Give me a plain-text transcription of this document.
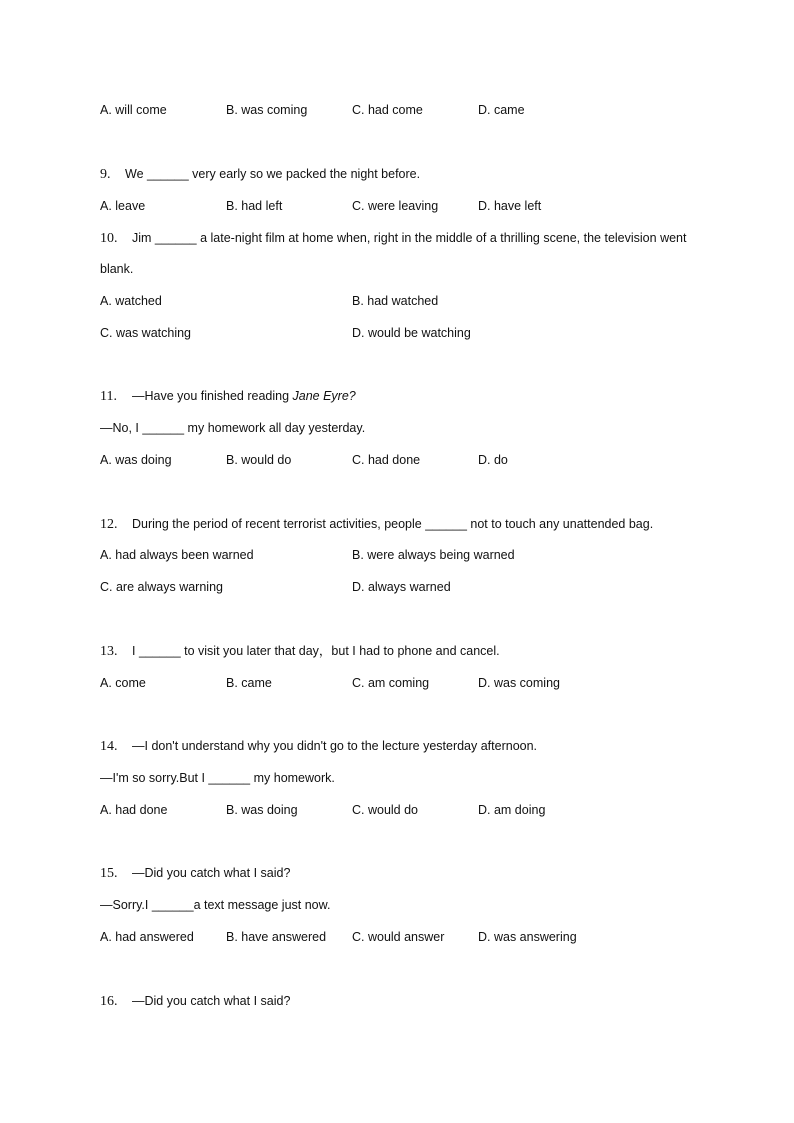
A. will come	B. was coming	C. had come	D. came
9. We ______ very early so we packed the night before.
A. leave	B. had left	C. were leaving	D. have left
10. Jim ______ a late-night film at home when, right in the middle of a thrilling scene, the television went
blank.
A. watched	B. had watched
C. was watching	D. would be watching
11. —Have you finished reading Jane Eyre?
—No, I ______ my homework all day yesterday.
A. was doing	B. would do	C. had done	D. do
12. During the period of recent terrorist activities, people ______ not to touch any unattended bag.
A. had always been warned	B. were always being warned
C. are always warning	D. always warned
13. I ______ to visit you later that day，but I had to phone and cancel.
A. come	B. came	C. am coming	D. was coming
14. —I don't understand why you didn't go to the lecture yesterday afternoon.
—I'm so sorry.But I ______ my homework.
A. had done	B. was doing	C. would do	D. am doing
15. —Did you catch what I said?
—Sorry.I ______a text message just now.
A. had answered	B. have answered C. would answer	D. was answering
16. —Did you catch what I said?
